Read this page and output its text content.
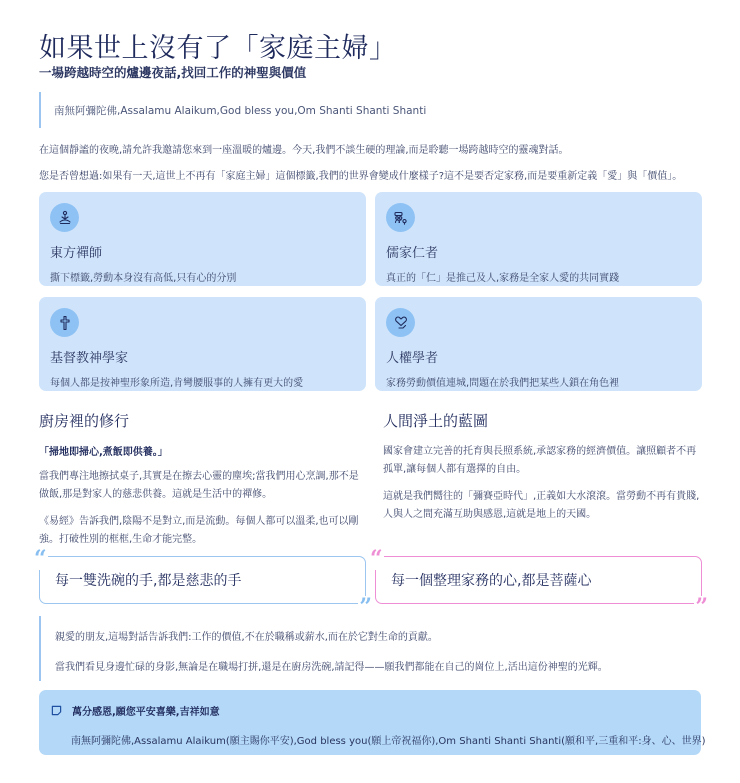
如果世上沒有了「家庭主婦」
一場跨越時空的爐邊夜話,找回工作的神聖與價值
南無阿彌陀佛,Assalamu Alaikum,God bless you,Om Shanti Shanti Shanti

在這個靜謐的夜晚,請允許我邀請您來到一座溫暖的爐邊。今天,我們不談生硬的理論,而是聆聽一場跨越時空的靈魂對話。

您是否曾想過:如果有一天,這世上不再有「家庭主婦」這個標籤,我們的世界會變成什麼樣子?這不是要否定家務,而是要重新定義「愛」與「價值」。

東方禪師
撕下標籤,勞動本身沒有高低,只有心的分別
儒家仁者
真正的「仁」是推己及人,家務是全家人愛的共同實踐
基督教神學家
每個人都是按神聖形象所造,肯彎腰服事的人擁有更大的愛
人權學者
家務勞動價值連城,問題在於我們把某些人鎖在角色裡
廚房裡的修行
「掃地即掃心,煮飯即供養。」

當我們專注地擦拭桌子,其實是在擦去心靈的塵埃;當我們用心烹調,那不是做飯,那是對家人的慈悲供養。這就是生活中的禪修。

《易經》告訴我們,陰陽不是對立,而是流動。每個人都可以溫柔,也可以剛強。打破性別的框框,生命才能完整。

人間淨土的藍圖

國家會建立完善的托育與長照系統,承認家務的經濟價值。讓照顧者不再孤單,讓每個人都有選擇的自由。

這就是我們嚮往的「彌賽亞時代」,正義如大水滾滾。當勞動不再有貴賤,人與人之間充滿互助與感恩,這就是地上的天國。

“
每一雙洗碗的手,都是慈悲的手
”
“
每一個整理家務的心,都是菩薩心
”

親愛的朋友,這場對話告訴我們:工作的價值,不在於職稱或薪水,而在於它對生命的貢獻。

當我們看見身邊忙碌的身影,無論是在職場打拼,還是在廚房洗碗,請記得——願我們都能在自己的崗位上,活出這份神聖的光輝。

萬分感恩,願您平安喜樂,吉祥如意
南無阿彌陀佛,Assalamu Alaikum(願主賜你平安),God bless you(願上帝祝福你),Om Shanti Shanti Shanti(願和平,三重和平:身、心、世界)
